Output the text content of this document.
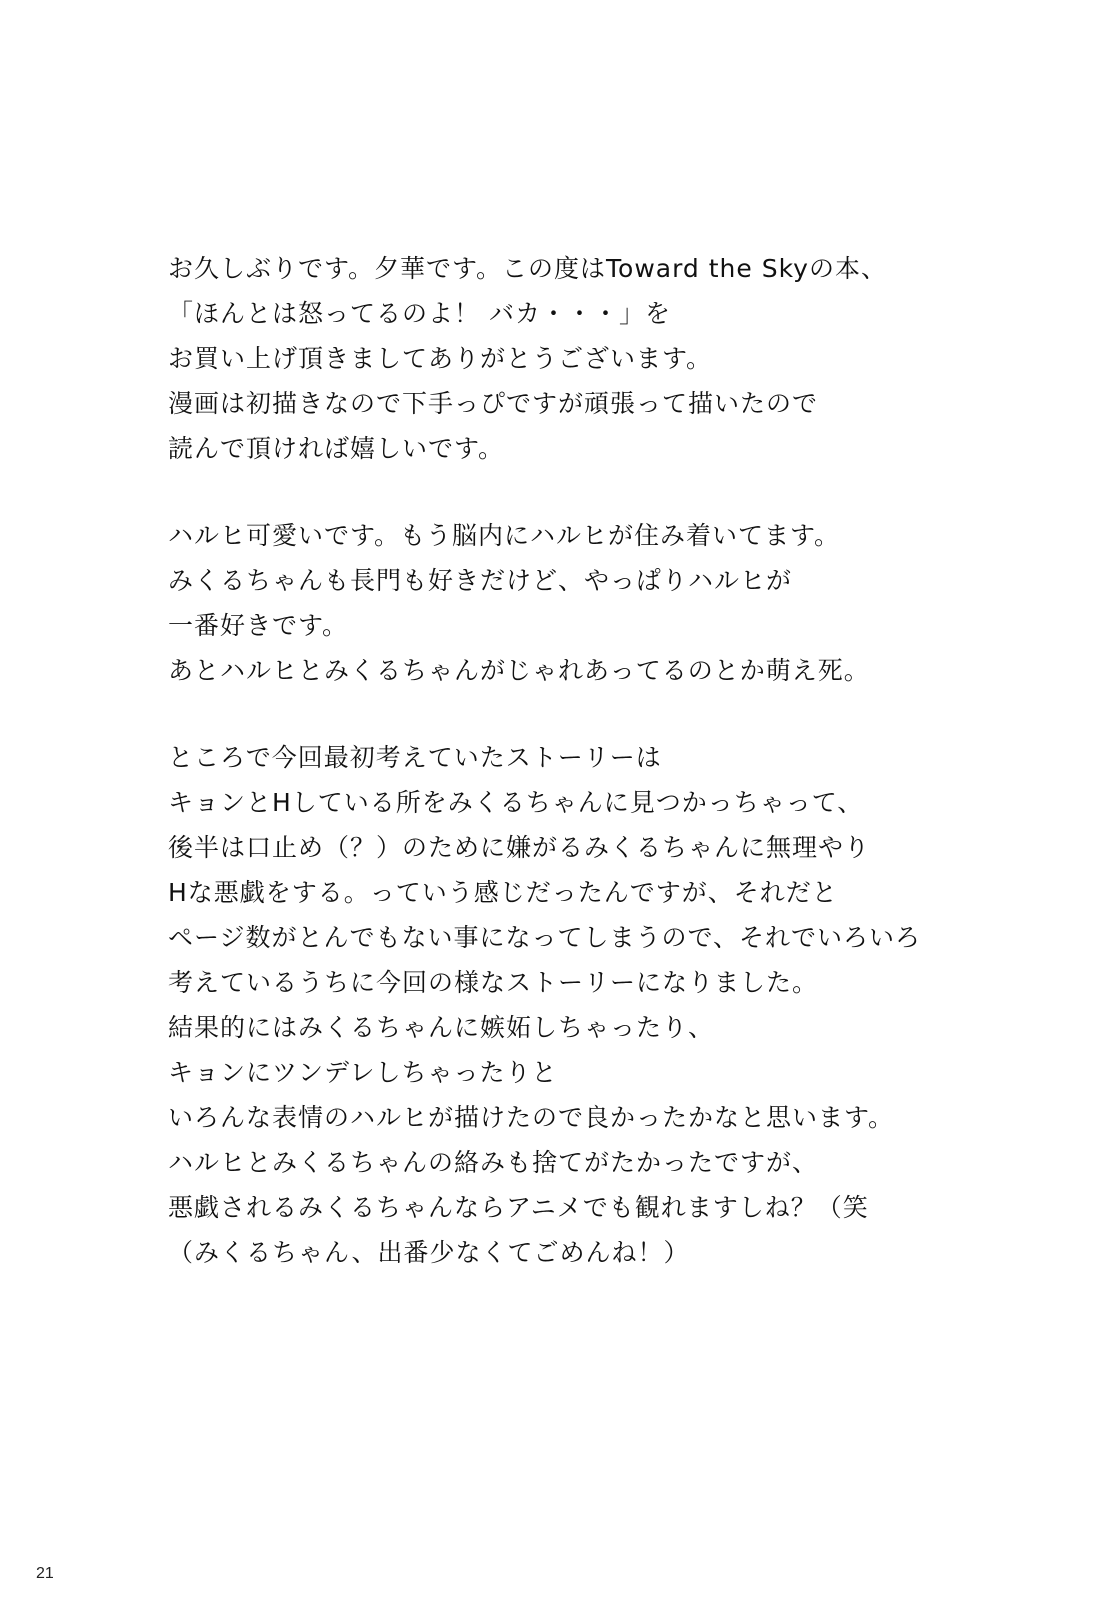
お久しぶりです。夕華です。この度はToward the Skyの本、
「ほんとは怒ってるのよ！ バカ・・・」を
お買い上げ頂きましてありがとうございます。
漫画は初描きなので下手っぴですが頑張って描いたので
読んで頂ければ嬉しいです。
ハルヒ可愛いです。もう脳内にハルヒが住み着いてます。
みくるちゃんも長門も好きだけど、やっぱりハルヒが
一番好きです。
あとハルヒとみくるちゃんがじゃれあってるのとか萌え死。
ところで今回最初考えていたストーリーは
キョンとHしている所をみくるちゃんに見つかっちゃって、
後半は口止め（？）のために嫌がるみくるちゃんに無理やり
Hな悪戯をする。っていう感じだったんですが、それだと
ページ数がとんでもない事になってしまうので、それでいろいろ
考えているうちに今回の様なストーリーになりました。
結果的にはみくるちゃんに嫉妬しちゃったり、
キョンにツンデレしちゃったりと
いろんな表情のハルヒが描けたので良かったかなと思います。
ハルヒとみくるちゃんの絡みも捨てがたかったですが、
悪戯されるみくるちゃんならアニメでも観れますしね？（笑
（みくるちゃん、出番少なくてごめんね！）
21
